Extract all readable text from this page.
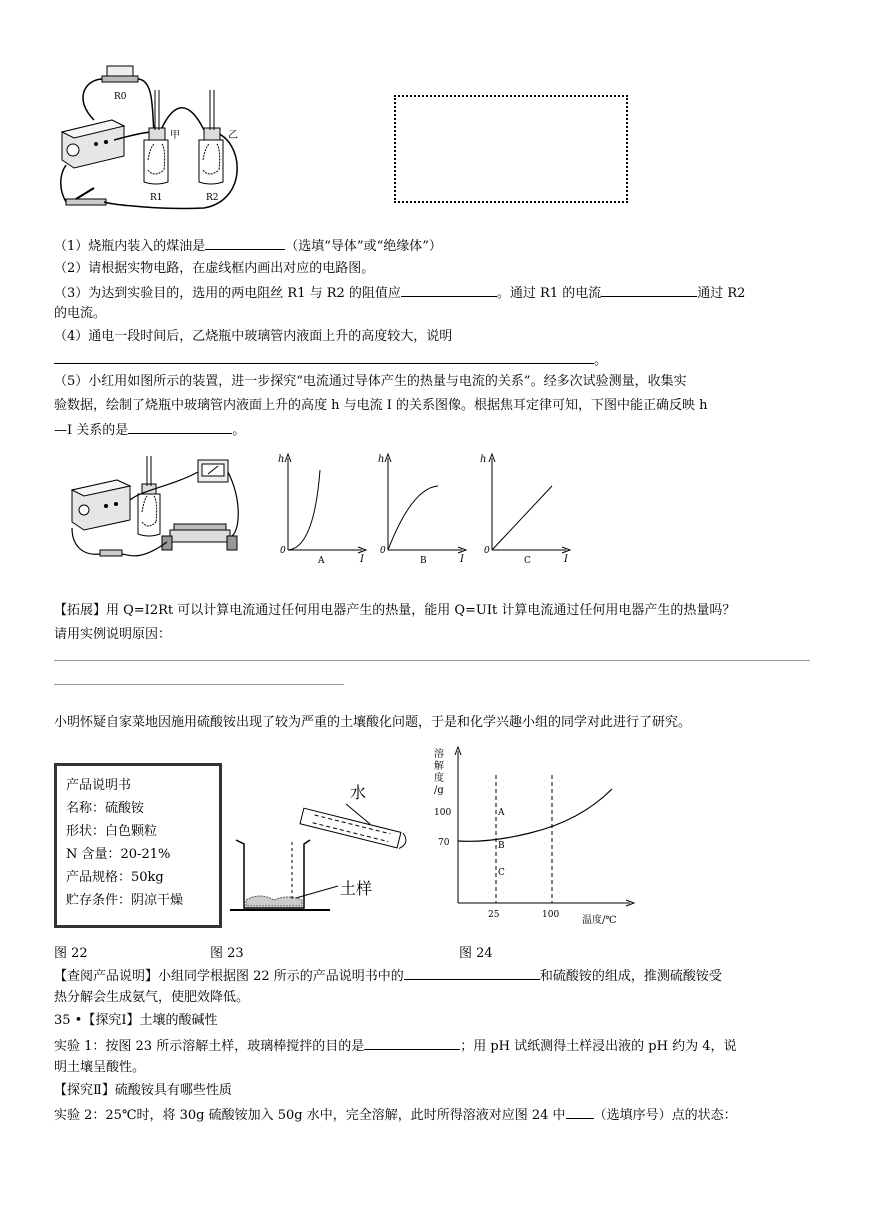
R0
甲
R1
乙
R2
（1）烧瓶内装入的煤油是	（选填“导体”或“绝缘体”）
（2）请根据实物电路，在虚线框内画出对应的电路图。
（3）为达到实验目的，选用的两电阻丝 R1 与 R2 的阻值应	。通过 R1 的电流	通过 R2
的电流。
（4）通电一段时间后，乙烧瓶中玻璃管内液面上升的高度较大，说明
。
（5）小红用如图所示的装置，进一步探究“电流通过导体产生的热量与电流的关系”。经多次试验测量，收集实
验数据，绘制了烧瓶中玻璃管内液面上升的高度 h 与电流 I 的关系图像。根据焦耳定律可知，下图中能正确反映 h
—I 关系的是	。
h
0
I
A
h
0
I
B
h
0
I
C
【拓展】用 Q=I2Rt 可以计算电流通过任何用电器产生的热量，能用 Q=UIt 计算电流通过任何用电器产生的热量吗？
请用实例说明原因：
小明怀疑自家菜地因施用硫酸铵出现了较为严重的土壤酸化问题，于是和化学兴趣小组的同学对此进行了研究。
产品说明书
名称：硫酸铵
形状：白色颗粒
N 含量：20-21%
产品规格：50kg
贮存条件：阴凉干燥
水
土样
溶
解
度
/g
100
70
25	100 温度/℃
A
B
C
图 22	图 23	图 24
【查阅产品说明】小组同学根据图 22 所示的产品说明书中的	和硫酸铵的组成，推测硫酸铵受
热分解会生成氨气，使肥效降低。
35 •【探究Ⅰ】土壤的酸碱性
实验 1：按图 23 所示溶解土样，玻璃棒搅拌的目的是	；用 pH 试纸测得土样浸出液的 pH 约为 4，说
明土壤呈酸性。
【探究Ⅱ】硫酸铵具有哪些性质
实验 2：25℃时，将 30g 硫酸铵加入 50g 水中，完全溶解，此时所得溶液对应图 24 中 （选填序号）点的状态：
